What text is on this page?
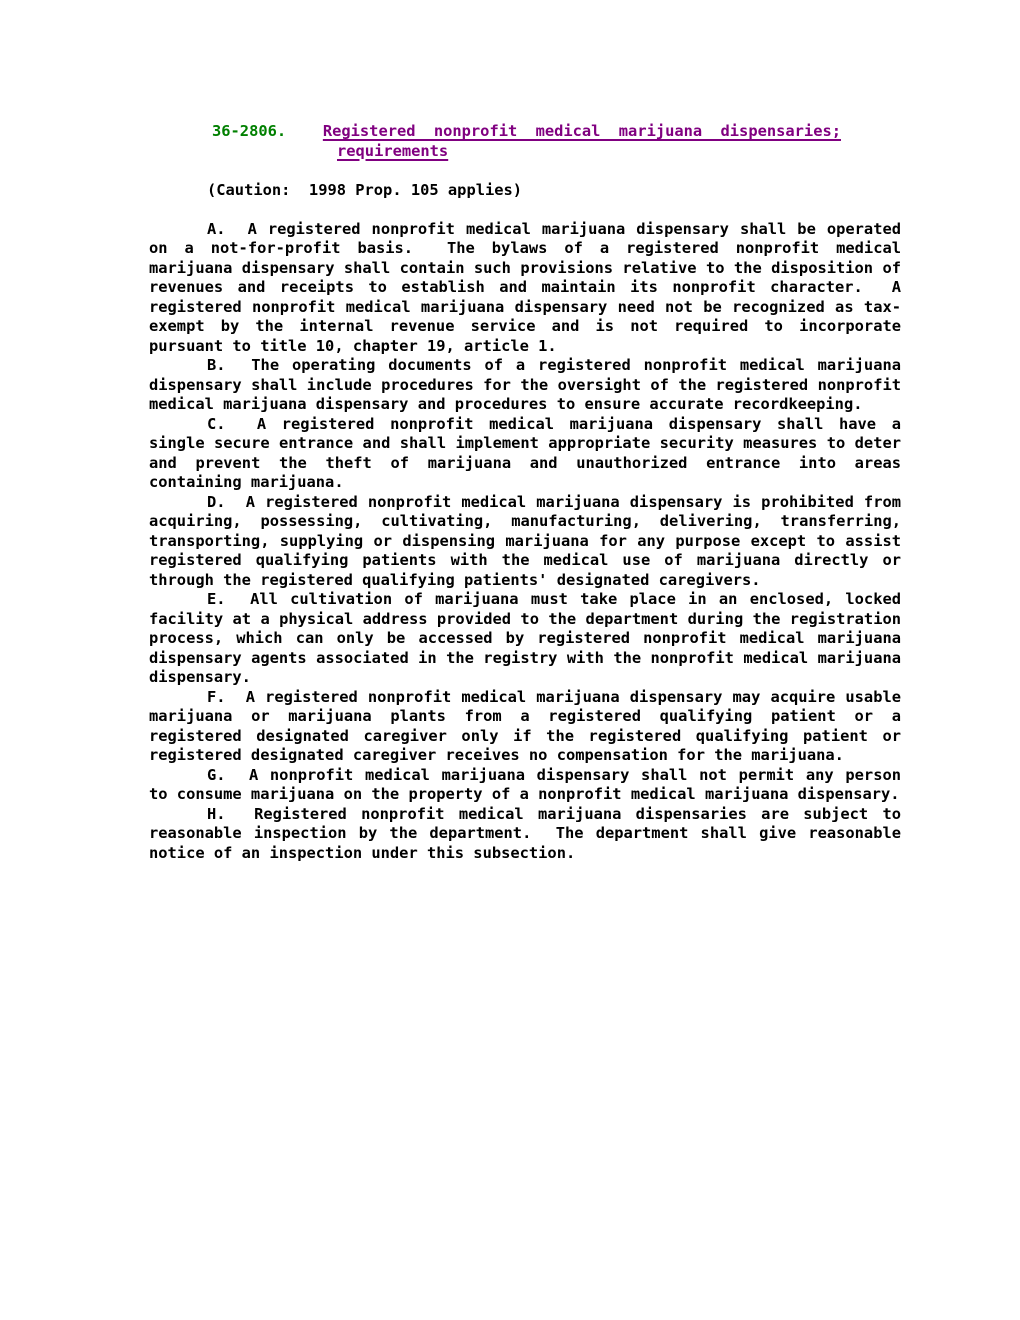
36-2806. Registered nonprofit medical marijuana dispensaries; requirements

(Caution:  1998 Prop. 105 applies)

A.  A registered nonprofit medical marijuana dispensary shall be operated on a not-for-profit basis.  The bylaws of a registered nonprofit medical marijuana dispensary shall contain such provisions relative to the disposition of revenues and receipts to establish and maintain its nonprofit character.  A registered nonprofit medical marijuana dispensary need not be recognized as tax-exempt by the internal revenue service and is not required to incorporate pursuant to title 10, chapter 19, article 1.

B.  The operating documents of a registered nonprofit medical marijuana dispensary shall include procedures for the oversight of the registered nonprofit medical marijuana dispensary and procedures to ensure accurate recordkeeping.

C.  A registered nonprofit medical marijuana dispensary shall have a single secure entrance and shall implement appropriate security measures to deter and prevent the theft of marijuana and unauthorized entrance into areas containing marijuana.

D.  A registered nonprofit medical marijuana dispensary is prohibited from acquiring, possessing, cultivating, manufacturing, delivering, transferring, transporting, supplying or dispensing marijuana for any purpose except to assist registered qualifying patients with the medical use of marijuana directly or through the registered qualifying patients' designated caregivers.

E.  All cultivation of marijuana must take place in an enclosed, locked facility at a physical address provided to the department during the registration process, which can only be accessed by registered nonprofit medical marijuana dispensary agents associated in the registry with the nonprofit medical marijuana dispensary.

F.  A registered nonprofit medical marijuana dispensary may acquire usable marijuana or marijuana plants from a registered qualifying patient or a registered designated caregiver only if the registered qualifying patient or registered designated caregiver receives no compensation for the marijuana.

G.  A nonprofit medical marijuana dispensary shall not permit any person to consume marijuana on the property of a nonprofit medical marijuana dispensary.

H.  Registered nonprofit medical marijuana dispensaries are subject to reasonable inspection by the department.  The department shall give reasonable notice of an inspection under this subsection.
